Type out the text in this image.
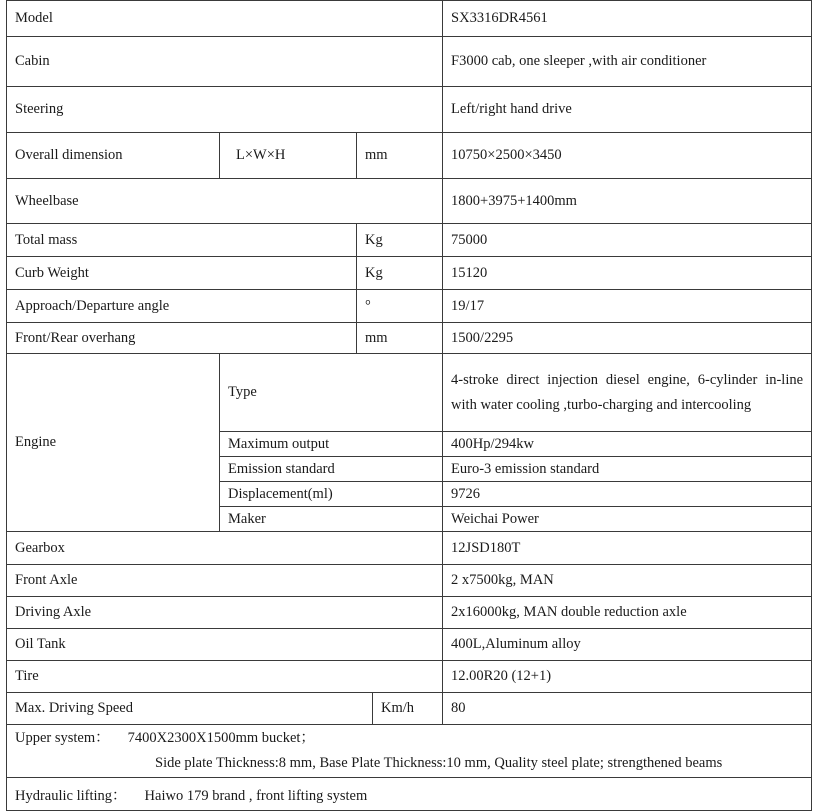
Model				SX3316DR4561
Cabin				F3000 cab, one sleeper ,with air conditioner
Steering				Left/right hand drive
Overall dimension	L×W×H	mm		10750×2500×3450
Wheelbase				1800+3975+1400mm
Total mass		Kg		75000
Curb Weight		Kg		15120
Approach/Departure angle		°		19/17
Front/Rear overhang		mm		1500/2295
Engine	Type			4-stroke direct injection diesel engine, 6-cylinder in-line with water cooling ,turbo-charging and intercooling
	Maximum output			400Hp/294kw
	Emission standard			Euro-3 emission standard
	Displacement(ml)			9726
	Maker			Weichai Power
Gearbox				12JSD180T
Front Axle				2 x7500kg, MAN
Driving Axle				2x16000kg, MAN double reduction axle
Oil Tank				400L,Aluminum alloy
Tire				12.00R20 (12+1)
Max. Driving Speed			Km/h	80
Upper system： 7400X2300X1500mm bucket；
Side plate Thickness:8 mm, Base Plate Thickness:10 mm, Quality steel plate; strengthened beams				

Hydraulic lifting： Haiwo 179 brand , front lifting system				
